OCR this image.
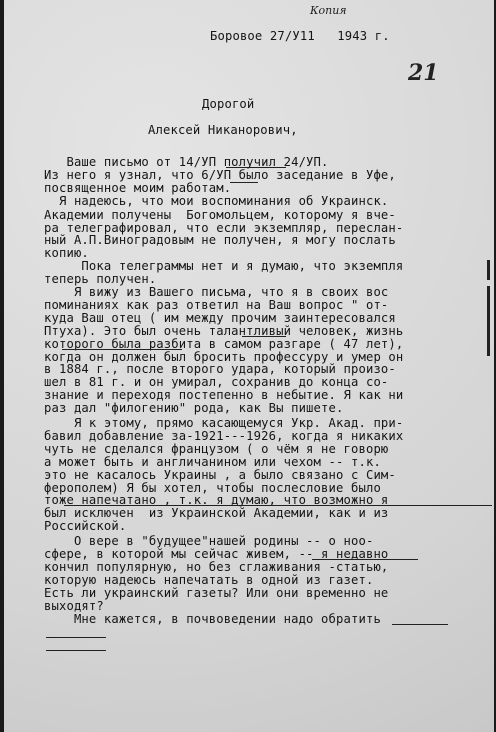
Копия
21
Боровое 27/У11   1943 г.
Дорогой
Алексей Никанорович,
Ваше письмо от 14/УП получил 24/УП.
Из него я узнал, что 6/УП было заседание в Уфе,
посвященное моим работам.
Я надеюсь, что мои воспоминания об Украинск.
Академии получены  Богомольцем, которому я вче-
ра телеграфировал, что если экземпляр, переслан-
ный А.П.Виноградовым не получен, я могу послать
копию.
Пока телеграммы нет и я думаю, что экземпля
теперь получен.
Я вижу из Вашего письма, что я в своих вос
поминаниях как раз ответил на Ваш вопрос " от-
куда Ваш отец ( им между прочим заинтересовался
Птуха). Это был очень талантливый человек, жизнь
которого была разбита в самом разгаре ( 47 лет),
когда он должен был бросить профессуру и умер он
в 1884 г., после второго удара, который произо-
шел в 81 г. и он умирал, сохранив до конца со-
знание и переходя постепенно в небытие. Я как ни
раз дал "филогению" рода, как Вы пишете.
Я к этому, прямо касающемуся Укр. Акад. при-
бавил добавление за-1921---1926, когда я никаких
чуть не сделался французом ( о чём я не говорю
а может быть и англичанином или чехом -- т.к.
это не касалось Украины , а было связано с Сим-
ферополем) Я бы хотел, чтобы послесловие было
тоже напечатано , т.к. я думаю, что возможно я
был исключен  из Украинской Академии, как и из
Российской.
О вере в "будущее"нашей родины -- о ноо-
сфере, в которой мы сейчас живем, -- я недавно
кончил популярную, но без сглаживания -статью,
которую надеюсь напечатать в одной из газет.
Есть ли украинский газеты? Или они временно не
выходят?
Мне кажется, в почвоведении надо обратить
